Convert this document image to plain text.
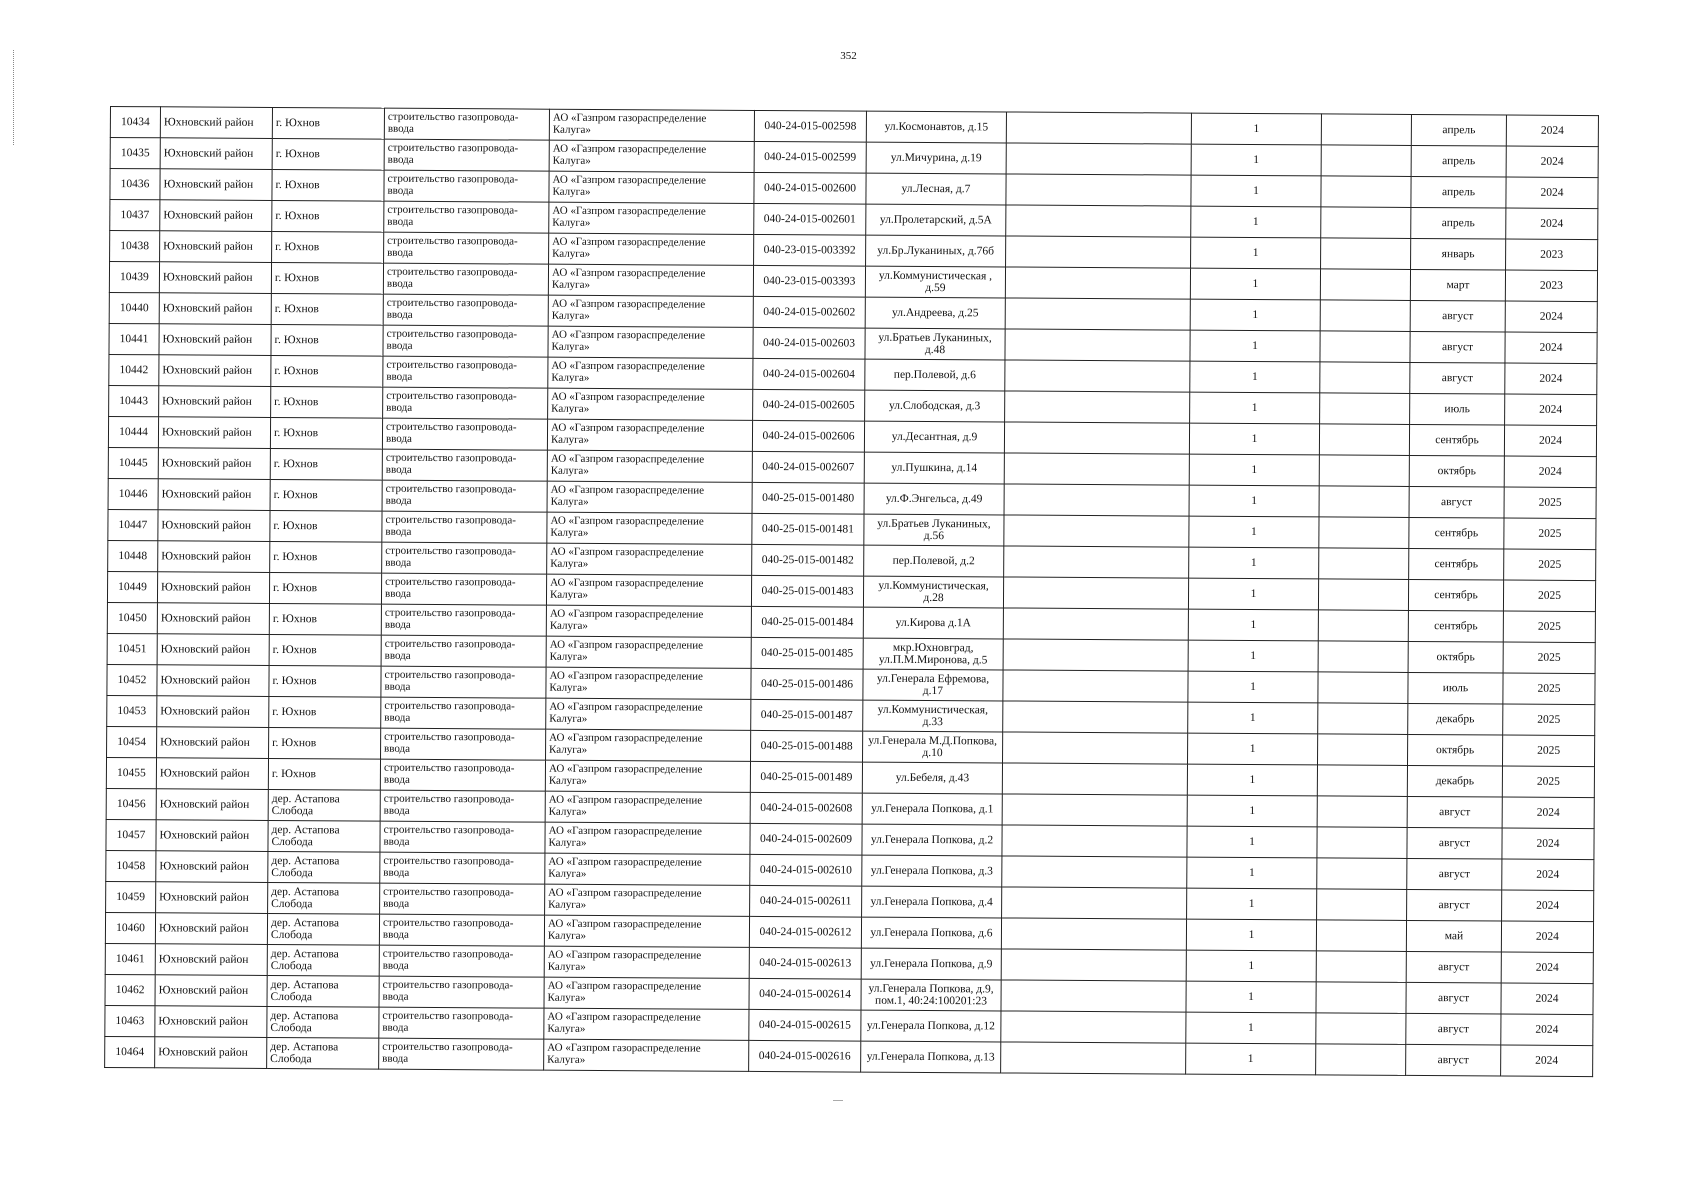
352
10434	Юхновский район	г. Юхнов	строительство газопровода-
ввода	АО «Газпром газораспределение
Калуга»	040-24-015-002598	ул.Космонавтов, д.15		1		апрель	2024
10435	Юхновский район	г. Юхнов	строительство газопровода-
ввода	АО «Газпром газораспределение
Калуга»	040-24-015-002599	ул.Мичурина, д.19		1		апрель	2024
10436	Юхновский район	г. Юхнов	строительство газопровода-
ввода	АО «Газпром газораспределение
Калуга»	040-24-015-002600	ул.Лесная, д.7		1		апрель	2024
10437	Юхновский район	г. Юхнов	строительство газопровода-
ввода	АО «Газпром газораспределение
Калуга»	040-24-015-002601	ул.Пролетарский, д.5А		1		апрель	2024
10438	Юхновский район	г. Юхнов	строительство газопровода-
ввода	АО «Газпром газораспределение
Калуга»	040-23-015-003392	ул.Бр.Луканиных, д.76б		1		январь	2023
10439	Юхновский район	г. Юхнов	строительство газопровода-
ввода	АО «Газпром газораспределение
Калуга»	040-23-015-003393	ул.Коммунистическая , д.59		1		март	2023
10440	Юхновский район	г. Юхнов	строительство газопровода-
ввода	АО «Газпром газораспределение
Калуга»	040-24-015-002602	ул.Андреева, д.25		1		август	2024
10441	Юхновский район	г. Юхнов	строительство газопровода-
ввода	АО «Газпром газораспределение
Калуга»	040-24-015-002603	ул.Братьев Луканиных, д.48		1		август	2024
10442	Юхновский район	г. Юхнов	строительство газопровода-
ввода	АО «Газпром газораспределение
Калуга»	040-24-015-002604	пер.Полевой, д.6		1		август	2024
10443	Юхновский район	г. Юхнов	строительство газопровода-
ввода	АО «Газпром газораспределение
Калуга»	040-24-015-002605	ул.Слободская, д.3		1		июль	2024
10444	Юхновский район	г. Юхнов	строительство газопровода-
ввода	АО «Газпром газораспределение
Калуга»	040-24-015-002606	ул.Десантная, д.9		1		сентябрь	2024
10445	Юхновский район	г. Юхнов	строительство газопровода-
ввода	АО «Газпром газораспределение
Калуга»	040-24-015-002607	ул.Пушкина, д.14		1		октябрь	2024
10446	Юхновский район	г. Юхнов	строительство газопровода-
ввода	АО «Газпром газораспределение
Калуга»	040-25-015-001480	ул.Ф.Энгельса, д.49		1		август	2025
10447	Юхновский район	г. Юхнов	строительство газопровода-
ввода	АО «Газпром газораспределение
Калуга»	040-25-015-001481	ул.Братьев Луканиных, д.56		1		сентябрь	2025
10448	Юхновский район	г. Юхнов	строительство газопровода-
ввода	АО «Газпром газораспределение
Калуга»	040-25-015-001482	пер.Полевой, д.2		1		сентябрь	2025
10449	Юхновский район	г. Юхнов	строительство газопровода-
ввода	АО «Газпром газораспределение
Калуга»	040-25-015-001483	ул.Коммунистическая, д.28		1		сентябрь	2025
10450	Юхновский район	г. Юхнов	строительство газопровода-
ввода	АО «Газпром газораспределение
Калуга»	040-25-015-001484	ул.Кирова д.1А		1		сентябрь	2025
10451	Юхновский район	г. Юхнов	строительство газопровода-
ввода	АО «Газпром газораспределение
Калуга»	040-25-015-001485	мкр.Юхновград, ул.П.М.Миронова, д.5		1		октябрь	2025
10452	Юхновский район	г. Юхнов	строительство газопровода-
ввода	АО «Газпром газораспределение
Калуга»	040-25-015-001486	ул.Генерала Ефремова, д.17		1		июль	2025
10453	Юхновский район	г. Юхнов	строительство газопровода-
ввода	АО «Газпром газораспределение
Калуга»	040-25-015-001487	ул.Коммунистическая, д.33		1		декабрь	2025
10454	Юхновский район	г. Юхнов	строительство газопровода-
ввода	АО «Газпром газораспределение
Калуга»	040-25-015-001488	ул.Генерала М.Д.Попкова, д.10		1		октябрь	2025
10455	Юхновский район	г. Юхнов	строительство газопровода-
ввода	АО «Газпром газораспределение
Калуга»	040-25-015-001489	ул.Бебеля, д.43		1		декабрь	2025
10456	Юхновский район	дер. Астапова Слобода	строительство газопровода-
ввода	АО «Газпром газораспределение
Калуга»	040-24-015-002608	ул.Генерала Попкова, д.1		1		август	2024
10457	Юхновский район	дер. Астапова Слобода	строительство газопровода-
ввода	АО «Газпром газораспределение
Калуга»	040-24-015-002609	ул.Генерала Попкова, д.2		1		август	2024
10458	Юхновский район	дер. Астапова Слобода	строительство газопровода-
ввода	АО «Газпром газораспределение
Калуга»	040-24-015-002610	ул.Генерала Попкова, д.3		1		август	2024
10459	Юхновский район	дер. Астапова Слобода	строительство газопровода-
ввода	АО «Газпром газораспределение
Калуга»	040-24-015-002611	ул.Генерала Попкова, д.4		1		август	2024
10460	Юхновский район	дер. Астапова Слобода	строительство газопровода-
ввода	АО «Газпром газораспределение
Калуга»	040-24-015-002612	ул.Генерала Попкова, д.6		1		май	2024
10461	Юхновский район	дер. Астапова Слобода	строительство газопровода-
ввода	АО «Газпром газораспределение
Калуга»	040-24-015-002613	ул.Генерала Попкова, д.9		1		август	2024
10462	Юхновский район	дер. Астапова Слобода	строительство газопровода-
ввода	АО «Газпром газораспределение
Калуга»	040-24-015-002614	ул.Генерала Попкова, д.9, пом.1, 40:24:100201:23		1		август	2024
10463	Юхновский район	дер. Астапова Слобода	строительство газопровода-
ввода	АО «Газпром газораспределение
Калуга»	040-24-015-002615	ул.Генерала Попкова, д.12		1		август	2024
10464	Юхновский район	дер. Астапова Слобода	строительство газопровода-
ввода	АО «Газпром газораспределение
Калуга»	040-24-015-002616	ул.Генерала Попкова, д.13		1		август	2024
